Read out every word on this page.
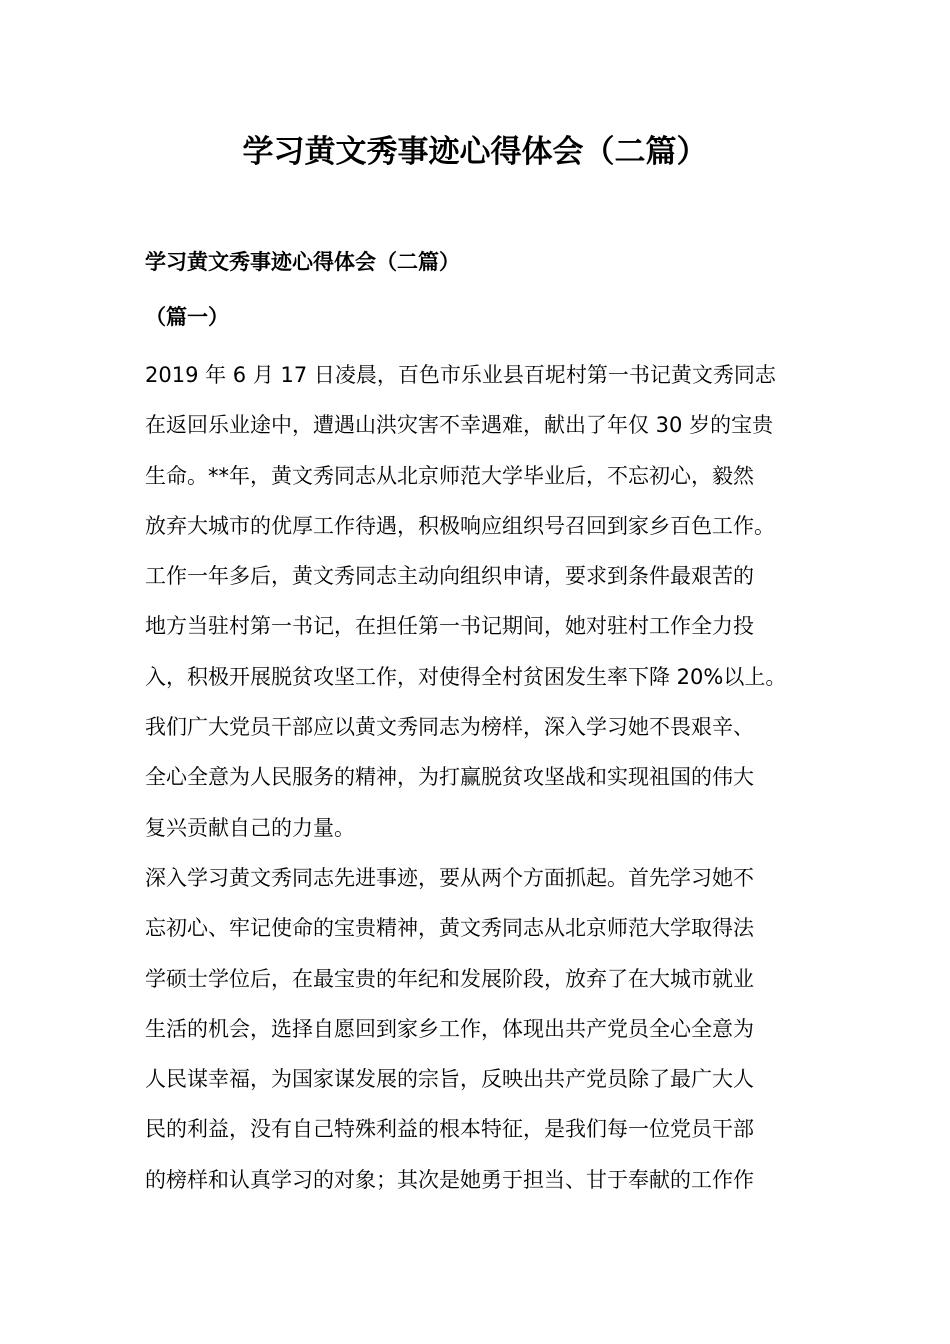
学习黄文秀事迹心得体会（二篇）
学习黄文秀事迹心得体会（二篇）
（篇一）

2019 年 6 月 17 日凌晨，百色市乐业县百坭村第一书记黄文秀同志
在返回乐业途中，遭遇山洪灾害不幸遇难，献出了年仅 30 岁的宝贵
生命。**年，黄文秀同志从北京师范大学毕业后，不忘初心，毅然
放弃大城市的优厚工作待遇，积极响应组织号召回到家乡百色工作。
工作一年多后，黄文秀同志主动向组织申请，要求到条件最艰苦的
地方当驻村第一书记，在担任第一书记期间，她对驻村工作全力投
入，积极开展脱贫攻坚工作，对使得全村贫困发生率下降 20%以上。
我们广大党员干部应以黄文秀同志为榜样，深入学习她不畏艰辛、
全心全意为人民服务的精神，为打赢脱贫攻坚战和实现祖国的伟大
复兴贡献自己的力量。

深入学习黄文秀同志先进事迹，要从两个方面抓起。首先学习她不
忘初心、牢记使命的宝贵精神，黄文秀同志从北京师范大学取得法
学硕士学位后，在最宝贵的年纪和发展阶段，放弃了在大城市就业
生活的机会，选择自愿回到家乡工作，体现出共产党员全心全意为
人民谋幸福，为国家谋发展的宗旨，反映出共产党员除了最广大人
民的利益，没有自己特殊利益的根本特征，是我们每一位党员干部
的榜样和认真学习的对象；其次是她勇于担当、甘于奉献的工作作
